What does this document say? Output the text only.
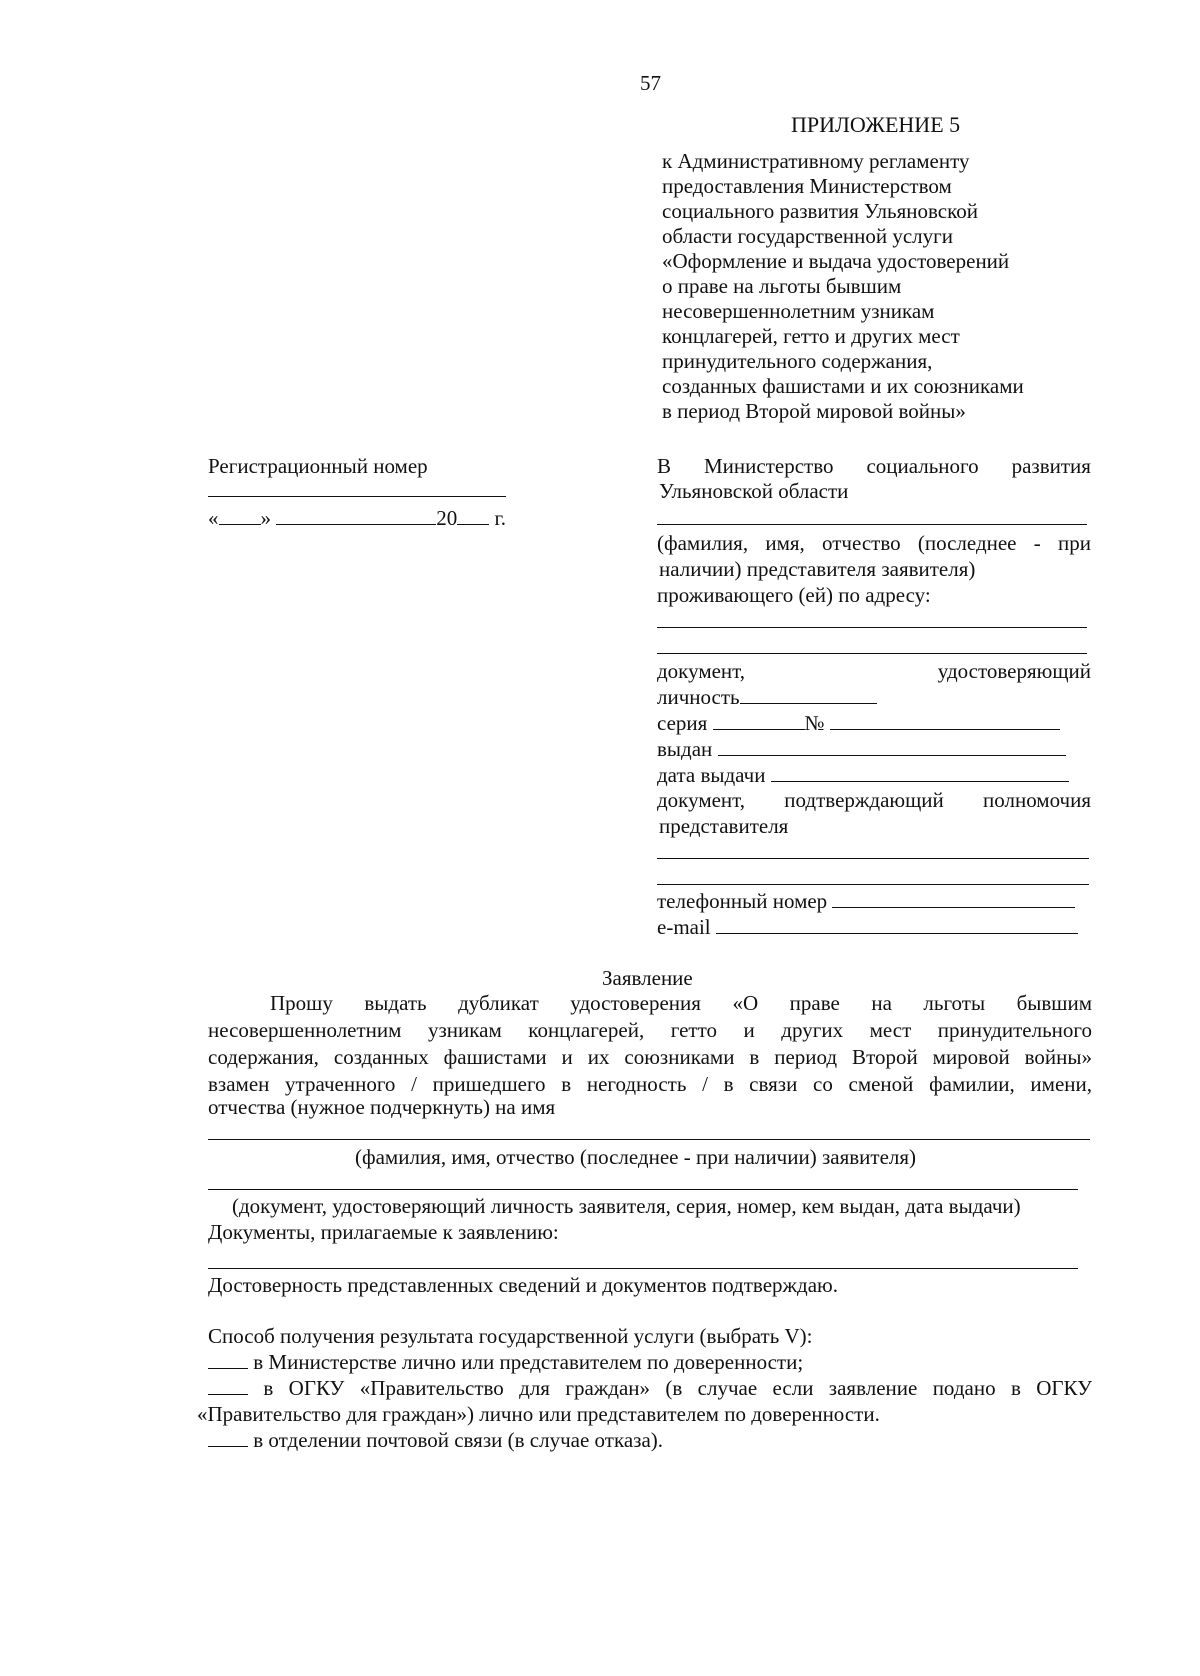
57
ПРИЛОЖЕНИЕ 5
к Административному регламенту
предоставления Министерством
социального развития Ульяновской
области государственной услуги
«Оформление и выдача удостоверений
о праве на льготы бывшим
несовершеннолетним узникам
концлагерей, гетто и других мест
принудительного содержания,
созданных фашистами и их союзниками
в период Второй мировой войны»
Регистрационный номер
« »	20 г.
В Министерство социального развития
Ульяновской области
(фамилия, имя, отчество (последнее - при
наличии) представителя заявителя)
проживающего (ей) по адресу:
документ,	удостоверяющий
личность
серия	№
выдан
дата выдачи
документ, подтверждающий полномочия
представителя
телефонный номер
e-mail
Заявление
Прошу выдать дубликат удостоверения «О праве на льготы бывшим
несовершеннолетним узникам концлагерей, гетто и других мест принудительного
содержания, созданных фашистами и их союзниками в период Второй мировой войны»
взамен утраченного / пришедшего в негодность / в связи со сменой фамилии, имени,
отчества (нужное подчеркнуть) на имя
(фамилия, имя, отчество (последнее - при наличии) заявителя)
(документ, удостоверяющий личность заявителя, серия, номер, кем выдан, дата выдачи)
Документы, прилагаемые к заявлению:
Достоверность представленных сведений и документов подтверждаю.
Способ получения результата государственной услуги (выбрать V):
в Министерстве лично или представителем по доверенности;
в ОГКУ «Правительство для граждан» (в случае если заявление подано в ОГКУ
«Правительство для граждан») лично или представителем по доверенности.
в отделении почтовой связи (в случае отказа).
